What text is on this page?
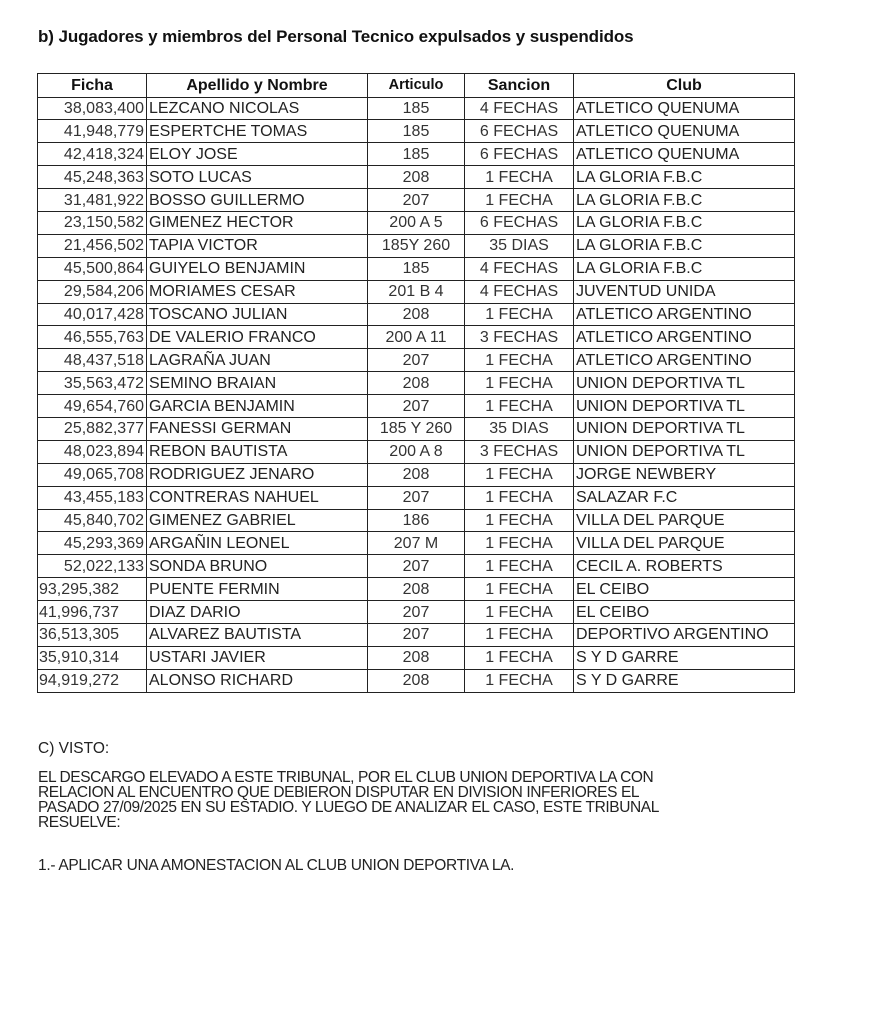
b) Jugadores y miembros del Personal Tecnico expulsados y suspendidos
Ficha	Apellido y Nombre	Articulo	Sancion	Club
38,083,400	LEZCANO NICOLAS	185	4 FECHAS	ATLETICO QUENUMA
41,948,779	ESPERTCHE TOMAS	185	6 FECHAS	ATLETICO QUENUMA
42,418,324	ELOY JOSE	185	6 FECHAS	ATLETICO QUENUMA
45,248,363	SOTO LUCAS	208	1 FECHA	LA GLORIA F.B.C
31,481,922	BOSSO GUILLERMO	207	1 FECHA	LA GLORIA F.B.C
23,150,582	GIMENEZ HECTOR	200 A 5	6 FECHAS	LA GLORIA F.B.C
21,456,502	TAPIA VICTOR	185Y 260	35 DIAS	LA GLORIA F.B.C
45,500,864	GUIYELO BENJAMIN	185	4 FECHAS	LA GLORIA F.B.C
29,584,206	MORIAMES CESAR	201 B 4	4 FECHAS	JUVENTUD UNIDA
40,017,428	TOSCANO JULIAN	208	1 FECHA	ATLETICO ARGENTINO
46,555,763	DE VALERIO FRANCO	200 A 11	3 FECHAS	ATLETICO ARGENTINO
48,437,518	LAGRAÑA JUAN	207	1 FECHA	ATLETICO ARGENTINO
35,563,472	SEMINO BRAIAN	208	1 FECHA	UNION DEPORTIVA TL
49,654,760	GARCIA BENJAMIN	207	1 FECHA	UNION DEPORTIVA TL
25,882,377	FANESSI GERMAN	185 Y 260	35 DIAS	UNION DEPORTIVA TL
48,023,894	REBON BAUTISTA	200 A 8	3 FECHAS	UNION DEPORTIVA TL
49,065,708	RODRIGUEZ JENARO	208	1 FECHA	JORGE NEWBERY
43,455,183	CONTRERAS NAHUEL	207	1 FECHA	SALAZAR F.C
45,840,702	GIMENEZ GABRIEL	186	1 FECHA	VILLA DEL PARQUE
45,293,369	ARGAÑIN LEONEL	207 M	1 FECHA	VILLA DEL PARQUE
52,022,133	SONDA BRUNO	207	1 FECHA	CECIL A. ROBERTS
93,295,382	PUENTE FERMIN	208	1 FECHA	EL CEIBO
41,996,737	DIAZ DARIO	207	1 FECHA	EL CEIBO
36,513,305	ALVAREZ BAUTISTA	207	1 FECHA	DEPORTIVO ARGENTINO
35,910,314	USTARI JAVIER	208	1 FECHA	S Y D GARRE
94,919,272	ALONSO RICHARD	208	1 FECHA	S Y D GARRE
C) VISTO:
EL DESCARGO ELEVADO A ESTE TRIBUNAL, POR EL CLUB UNION DEPORTIVA LA CON
RELACION AL ENCUENTRO QUE DEBIERON DISPUTAR EN DIVISION INFERIORES EL
PASADO 27/09/2025 EN SU ESTADIO. Y LUEGO DE ANALIZAR EL CASO, ESTE TRIBUNAL
RESUELVE:
1.- APLICAR UNA AMONESTACION AL CLUB UNION DEPORTIVA LA.
